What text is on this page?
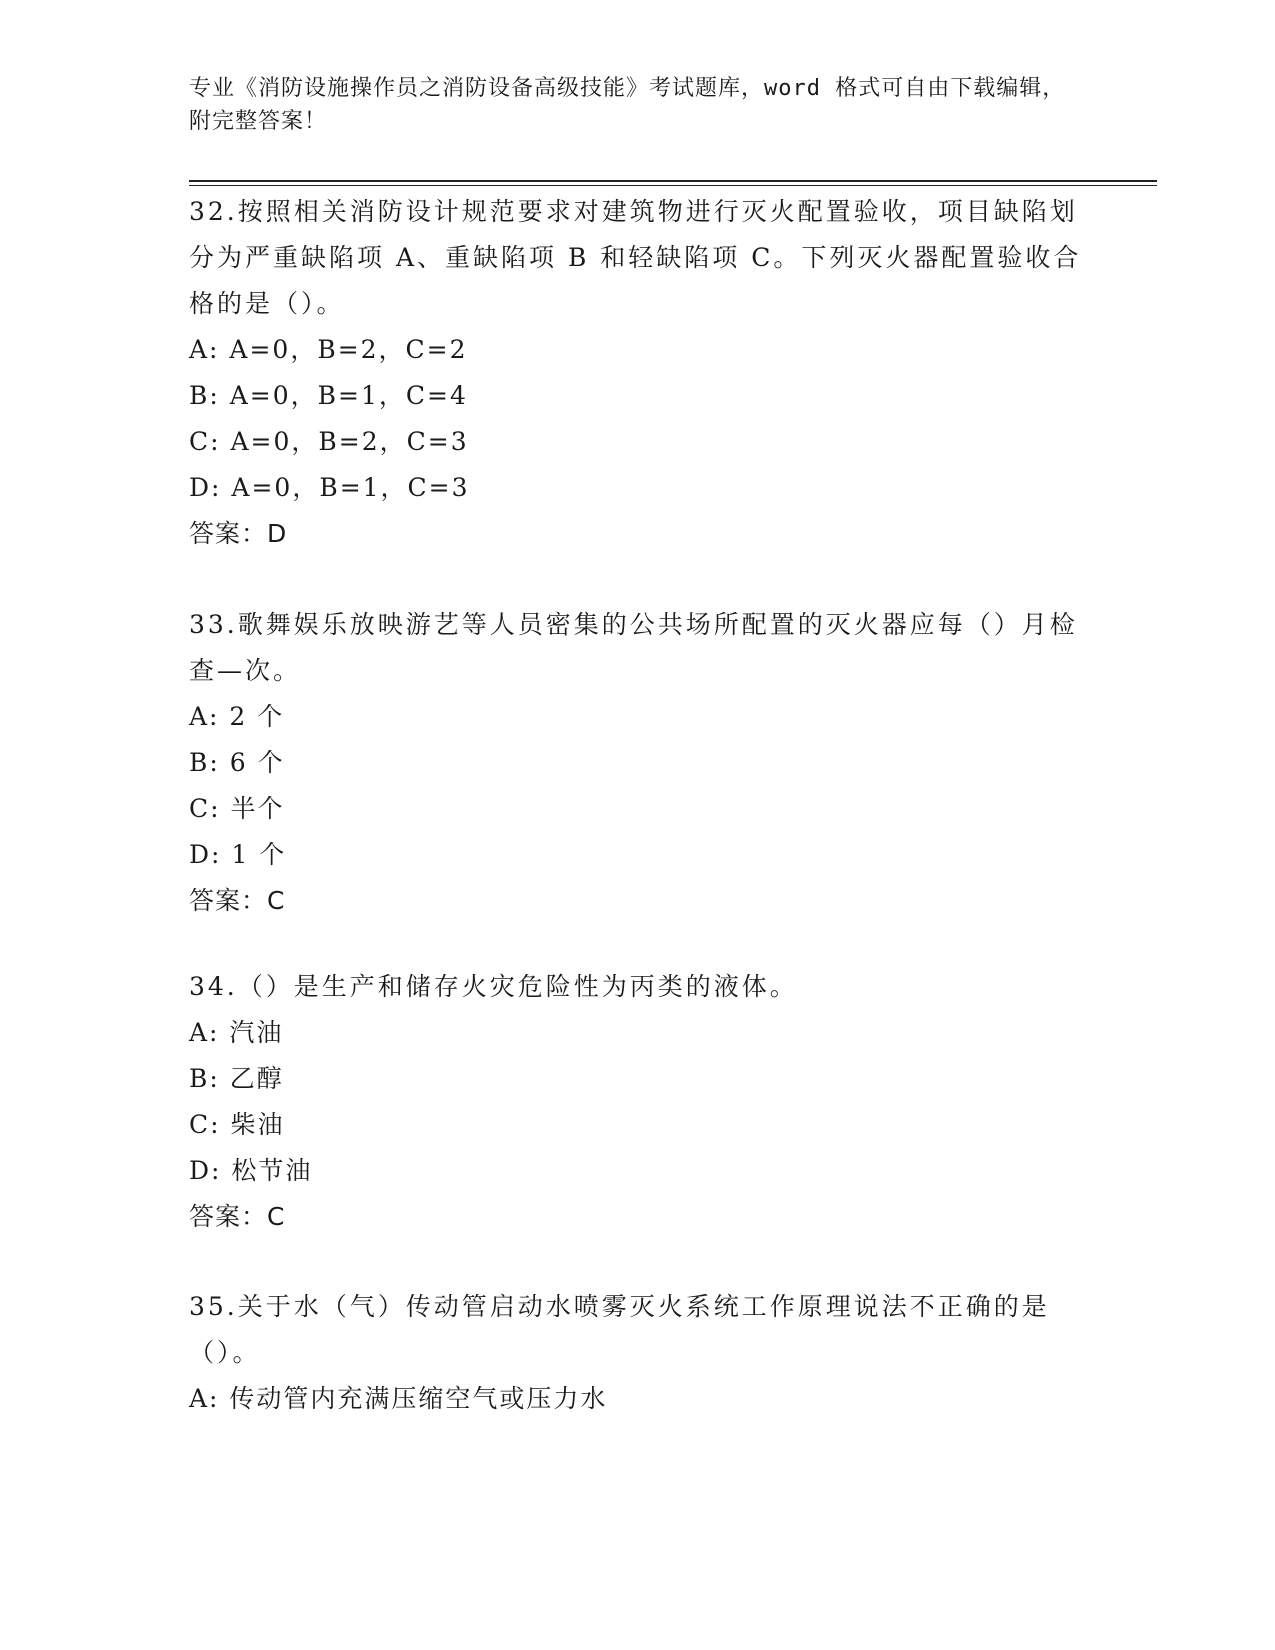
专业《消防设施操作员之消防设备高级技能》考试题库，word 格式可自由下载编辑，附完整答案！

32.按照相关消防设计规范要求对建筑物进行灭火配置验收，项目缺陷划分为严重缺陷项 A、重缺陷项 B 和轻缺陷项 C。下列灭火器配置验收合格的是（）。

A: A=0，B=2，C=2

B: A=0，B=1，C=4

C: A=0，B=2，C=3

D: A=0，B=1，C=3

答案：D

33.歌舞娱乐放映游艺等人员密集的公共场所配置的灭火器应每（）月检查—次。

A: 2 个

B: 6 个

C: 半个

D: 1 个

答案：C

34.（）是生产和储存火灾危险性为丙类的液体。

A: 汽油

B: 乙醇

C: 柴油

D: 松节油

答案：C

35.关于水（气）传动管启动水喷雾灭火系统工作原理说法不正确的是（）。

A: 传动管内充满压缩空气或压力水
